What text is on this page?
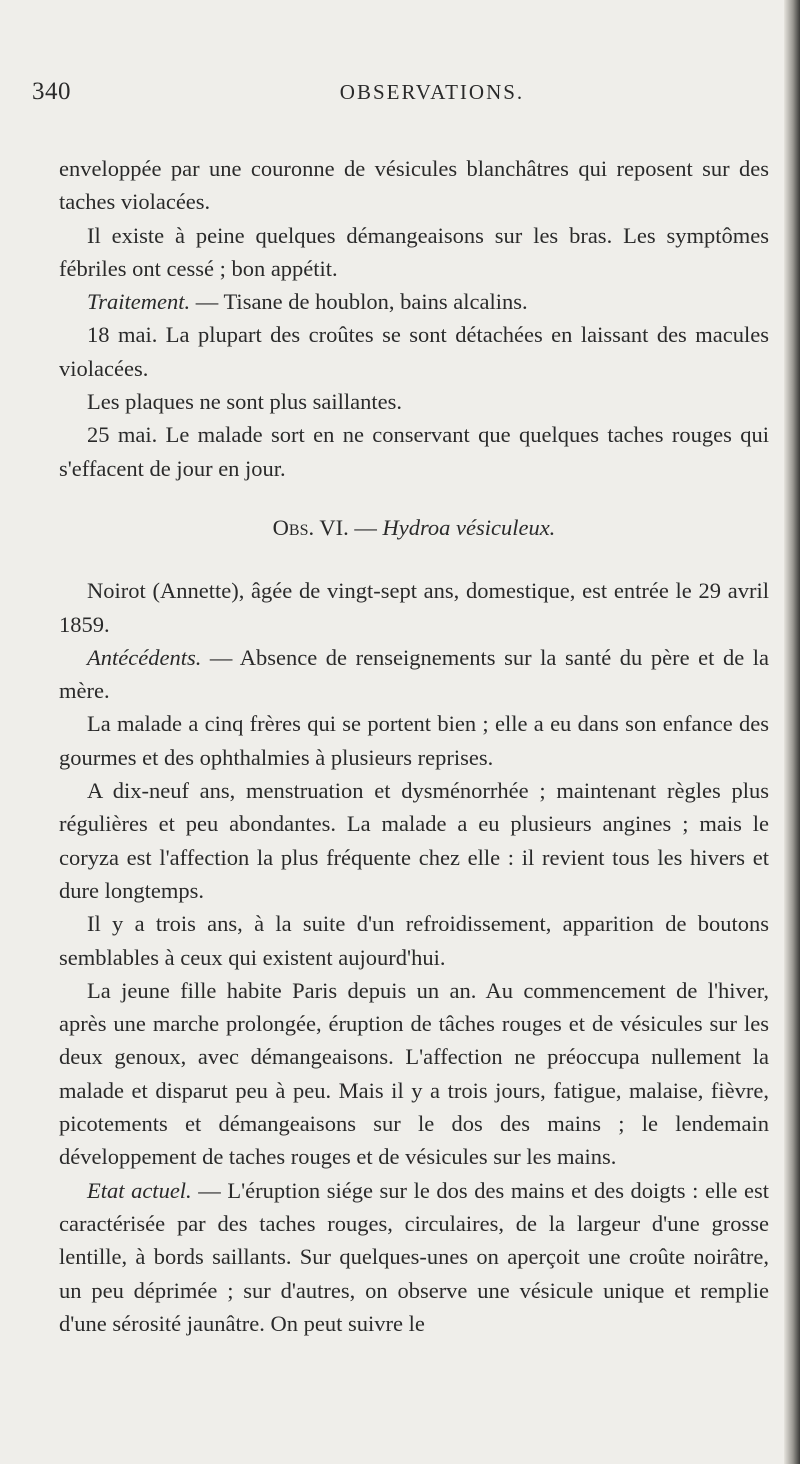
340	OBSERVATIONS.

enveloppée par une couronne de vésicules blanchâtres qui reposent sur des taches violacées.

Il existe à peine quelques démangeaisons sur les bras. Les symptômes fébriles ont cessé ; bon appétit.

Traitement. — Tisane de houblon, bains alcalins.

18 mai. La plupart des croûtes se sont détachées en laissant des macules violacées.

Les plaques ne sont plus saillantes.

25 mai. Le malade sort en ne conservant que quelques taches rouges qui s'effacent de jour en jour.

Obs. VI. — Hydroa vésiculeux.

Noirot (Annette), âgée de vingt-sept ans, domestique, est entrée le 29 avril 1859.

Antécédents. — Absence de renseignements sur la santé du père et de la mère.

La malade a cinq frères qui se portent bien ; elle a eu dans son enfance des gourmes et des ophthalmies à plusieurs reprises.

A dix-neuf ans, menstruation et dysménorrhée ; maintenant règles plus régulières et peu abondantes. La malade a eu plusieurs angines ; mais le coryza est l'affection la plus fréquente chez elle : il revient tous les hivers et dure longtemps.

Il y a trois ans, à la suite d'un refroidissement, apparition de boutons semblables à ceux qui existent aujourd'hui.

La jeune fille habite Paris depuis un an. Au commencement de l'hiver, après une marche prolongée, éruption de tâches rouges et de vésicules sur les deux genoux, avec démangeaisons. L'affection ne préoccupa nullement la malade et disparut peu à peu. Mais il y a trois jours, fatigue, malaise, fièvre, picotements et démangeaisons sur le dos des mains ; le lendemain développement de taches rouges et de vésicules sur les mains.

Etat actuel. — L'éruption siége sur le dos des mains et des doigts : elle est caractérisée par des taches rouges, circulaires, de la largeur d'une grosse lentille, à bords saillants. Sur quelques-unes on aperçoit une croûte noirâtre, un peu déprimée ; sur d'autres, on observe une vésicule unique et remplie d'une sérosité jaunâtre. On peut suivre le
